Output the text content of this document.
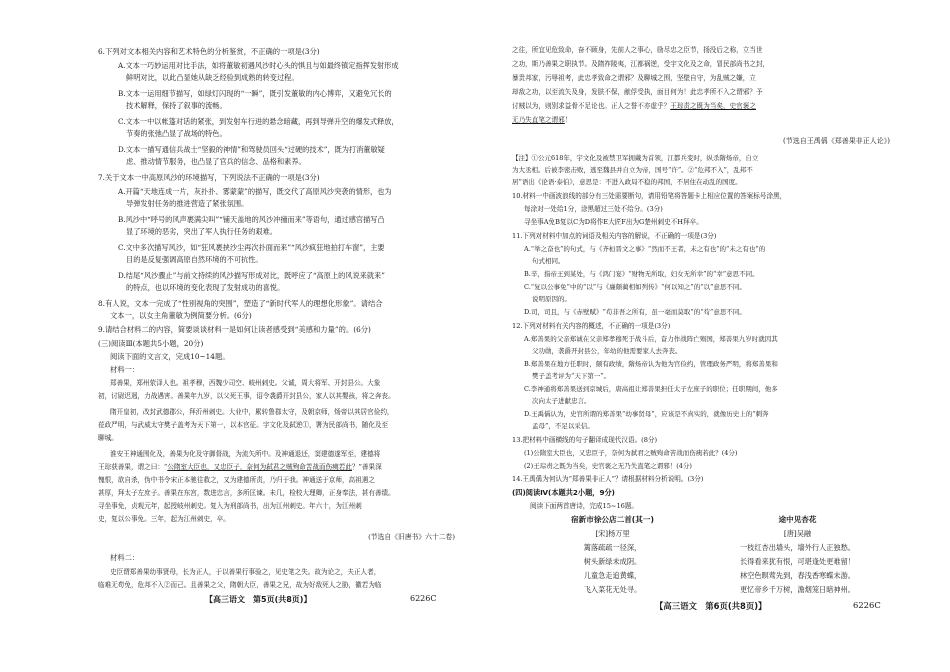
6.下列对文本相关内容和艺术特色的分析鉴赏，不正确的一项是(3分)
A.文本一巧妙运用对比手法，如将董敏初遇风沙时心头的惧且与如最终镇定指挥发射形成
鲜明对比，以此凸显她从缺乏经验到成熟的转变过程。
B.文本一运用细节描写，如绿灯闪现的“一瞬”，既引发董敏的内心博弈，又避免冗长的
技术解释，保持了叙事的流畅。
C.文本一中以帐篷对话的紧张，到发射车行进的悬念暗藏，再到导弹升空的爆发式释放，
节奏的张弛凸显了战场的特色。
D.文本一描写通信兵战士“坚毅的神情”和驾驶员回头“过硬的技术”，既为打消董敏疑
虑、推动情节服务，也凸显了官兵的信念、品格和素养。
7.关于文本一中高原风沙的环境描写，下列说法不正确的一项是(3分)
A.开篇“天地连成一片，灰扑扑、雾蒙蒙”的描写，既交代了高原风沙突袭的情形，也为
导弹发射任务的推进营造了紧张氛围。
B.风沙中“呼号的风声裹满尖叫”“铺天盖地的风沙冲撞而来”等语句，通过感官描写凸
显了环境的恶劣，突出了军人执行任务的艰难。
C.文中多次描写风沙，如“狂风裹挟沙尘再次扑面而来”“风沙疯狂地拍打车窗”，主要
目的是反复强调高原自然环境的不可抗性。
D.结尾“风沙骤止”与前文持续的风沙描写形成对比，既呼应了“高原上的风说来就来”
的特点，也以环境的变化表现了发射成功的喜悦。
8.有人说，文本一完成了“性别视角的突围”，塑造了“新时代军人的理想化形象”。请结合
文本一，以女主角董敏为例简要分析。(6分)
9.请结合材料二的内容，简要谈谈材料一是如何让读者感受到“美感和力量”的。(6分)
(三)阅读Ⅲ(本题共5小题，20分)
阅读下面的文言文，完成10~14题。
材料一：
郑善果，郑州荥泽人也。祖孝穆，西魏少司空、岐州刺史。父诚，周大将军、开封县公。大象
初，讨尉迟迥，力战遇害。善果年九岁，以父死王事，诏令袭爵开封县公，家人以其嬰孩，将之奔丧。
隋开皇初，改封武德郡公，拜沂州刺史。大业中，累转鲁郡太守，及朝京师，炀帝以其居官俭约，
莅政严明，与武威太守樊子盖考为天下第一，以本官征。宇文化及弑逆①，署为民部尚书，随化及至
聊城。
淮安王神通围化及，善果为化及守御督战，为流矢所中。及神通退还，窦建德遂军至，建德将
王琮获善果，谓之曰：“公隋室大臣也，又忠臣子，奈何为弑君之贼殉命苦战而伤痍若此？”善果深
愧恨，欲自杀，伪中书令宋正本驰往救之，又为建德所责，乃归于我。神通送于京师，高祖遇之
甚厚，拜太子左庶子。善果在东宫，数进忠言，多所匡谏。未几，检校大理卿，正身奉法，甚有善绩。
寻坐事免，贞观元年，起授岐州刺史。复入为刑部尚书，出为江州刺史。年六十，为江州刺
史，复以公事免。三年，起为江州刺史，卒。
(节选自《旧唐书》六十二卷)
材料二：
史臣谓郑善果幼事贤母，长为正人，于以善果行事验之，见史笔之失。故为论之，夫正人者，
临难无苟免，危邦不入②而己。且善果之父，隋朝大臣，善果之兄，故为好敌死人之胁，徽若为临
【高三语文　第5页(共8页)】	6226C
之往，所宜见危致命，奋不顾身，先前人之事心，励尽忠之臣节，扬没后之称，立当世
之功，斯乃善果之职执节。及隋祚陵夷，江都祸逆，受宇文化及之命，冒民部尚书之封，
暴贵邦家，污辱祖考，此忠孝致命之谓邪？及聊城之围，坚壁自守，为乱贼之嫌，立
却敌之功，以至流矢及身，发肤不保，献俘受执，面目何为！此忠孝所不入之谓邪？予
讨贼以为，则别求益骨不足论也。正人之誉不亦虚乎？王琮责之既为当矣，史官褒之
无乃失直笔之谓邪！
(节选自王禹偁《郑善果非正人论》)
【注】①公元618年，宇文化及被禁卫军拥戴为首领，江都兵变时，纵杀隋炀帝，自立
为大丞相。后被李密击败，逃至魏县并自立为帝，国号“许”。②“危邦不入”，乱邦不
居”语出《论语·泰伯》，意思是：不进入政局不稳的邦国，不居住在动乱的国度。
10.材料一中画波浪线的部分有三处需要断句，请用铅笔将答题卡上相应位置的答案标号涂黑，
每涂对一处给1分，涂黑超过三处不给分。(3分)
寻坐事A免B复以C为D将作E大匠F出为G楚州刺史不H拜卒。
11.下列对材料中加点的词语及相关内容的解说，不正确的一项是(3分)
A.“举之奋也”的句式，与《齐桓晋文之事》“然而不王者，未之有也”的“未之有也”的
句式相同。
B.辛，指帝王到某处，与《鸿门宴》“财物无所取，妇女无所幸”的“幸”意思不同。
C.“复以公事免”中的“以”与《廉颇蔺相如列传》“何以知之”的“以”意思不同。
说明原因的。
D.司，司且，与《赤壁赋》“苟非吾之所有，虽一毫而莫取”的“苟”意思不同。
12.下列对材料有关内容的概述，不正确的一项是(3分)
A.郑善果的父亲郑诚在父亲郑孝穆死于战斗后，奋力作战阵亡殒国，郑善果九岁时就因其
父功勋，袭爵开封县公，年幼的他需要家人去奔丧。
B.郑善果在地方任职时，颇有政绩，隋炀帝认为他为官俭约，管理政务严明，将郑善果和
樊子盖考评为“天下第一”。
C.李神通将郑善果送到京城后，唐高祖让郑善果担任太子左庶子的职位；任职期间，他多
次向太子进献忠言。
D.王禹偁认为，史官所谓的郑善果“幼事贤母”，应该是不真实的，就像历史上的“刺奔
孟母”，不足以采信。
13.把材料中画横线的句子翻译成现代汉语。(8分)
(1)公隋室大臣也，又忠臣子，奈何为弑君之贼殉命苦战而伤痍若此？(4分)
(2)王琮责之既为当矣，史官褒之无乃失直笔之谓邪！(4分)
14.王禹偁为何认为“郑善果非正人”？请根据材料分析说明。(3分)
(四)阅读Ⅳ(本题共2小题，9分)
阅读下面两首唐诗，完成15~16题。
宿新市徐公店二首(其一)
[宋]杨万里
篱落疏疏一径深，
树头新绿未成阴。
儿童急走追黄蝶，
飞入菜花无处寻。
途中见杏花
[唐]吴融
一枝红杏出墙头，墙外行人正独愁。
长得看来犹有恨，可堪逢处更难留！
林空色暝莺先到，春浅香寒蝶未游。
更忆帝乡千万树，澹烟笼日暗神州。
【高三语文　第6页(共8页)】	6226C
